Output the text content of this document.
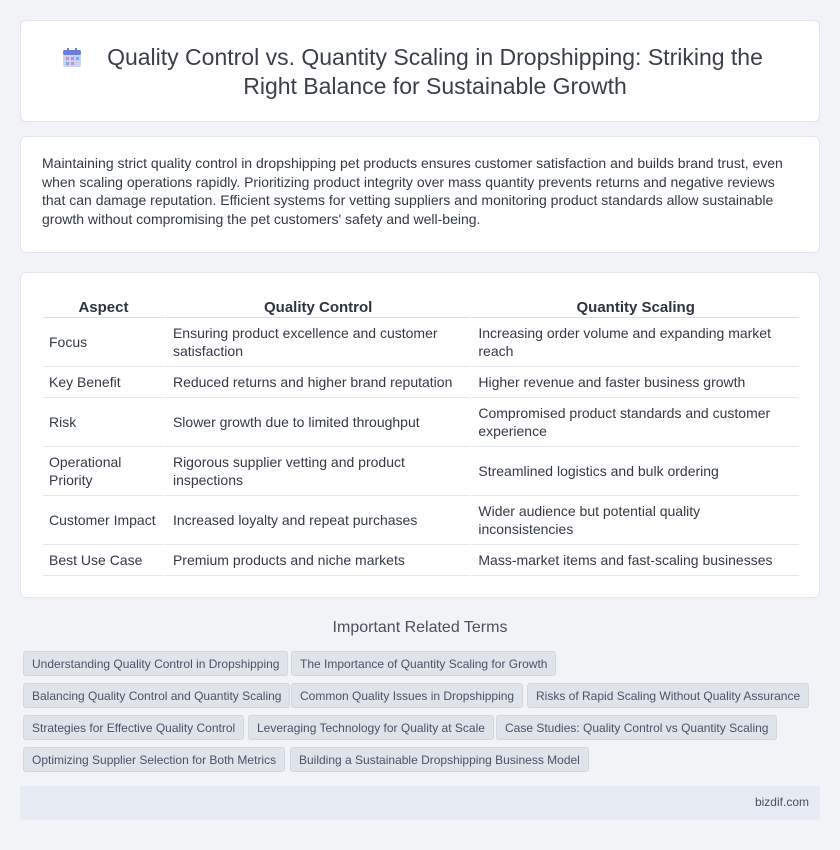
Quality Control vs. Quantity Scaling in Dropshipping: Striking the Right Balance for Sustainable Growth

Maintaining strict quality control in dropshipping pet products ensures customer satisfaction and builds brand trust, even when scaling operations rapidly. Prioritizing product integrity over mass quantity prevents returns and negative reviews that can damage reputation. Efficient systems for vetting suppliers and monitoring product standards allow sustainable growth without compromising the pet customers' safety and well-being.

Aspect	Quality Control	Quantity Scaling
Focus	Ensuring product excellence and customer satisfaction	Increasing order volume and expanding market reach
Key Benefit	Reduced returns and higher brand reputation	Higher revenue and faster business growth
Risk	Slower growth due to limited throughput	Compromised product standards and customer experience
Operational Priority	Rigorous supplier vetting and product inspections	Streamlined logistics and bulk ordering
Customer Impact	Increased loyalty and repeat purchases	Wider audience but potential quality inconsistencies
Best Use Case	Premium products and niche markets	Mass-market items and fast-scaling businesses
Important Related Terms
Understanding Quality Control in Dropshipping	The Importance of Quantity Scaling for Growth
Balancing Quality Control and Quantity Scaling	Common Quality Issues in Dropshipping	Risks of Rapid Scaling Without Quality Assurance
Strategies for Effective Quality Control	Leveraging Technology for Quality at Scale	Case Studies: Quality Control vs Quantity Scaling
Optimizing Supplier Selection for Both Metrics	Building a Sustainable Dropshipping Business Model
bizdif.com
